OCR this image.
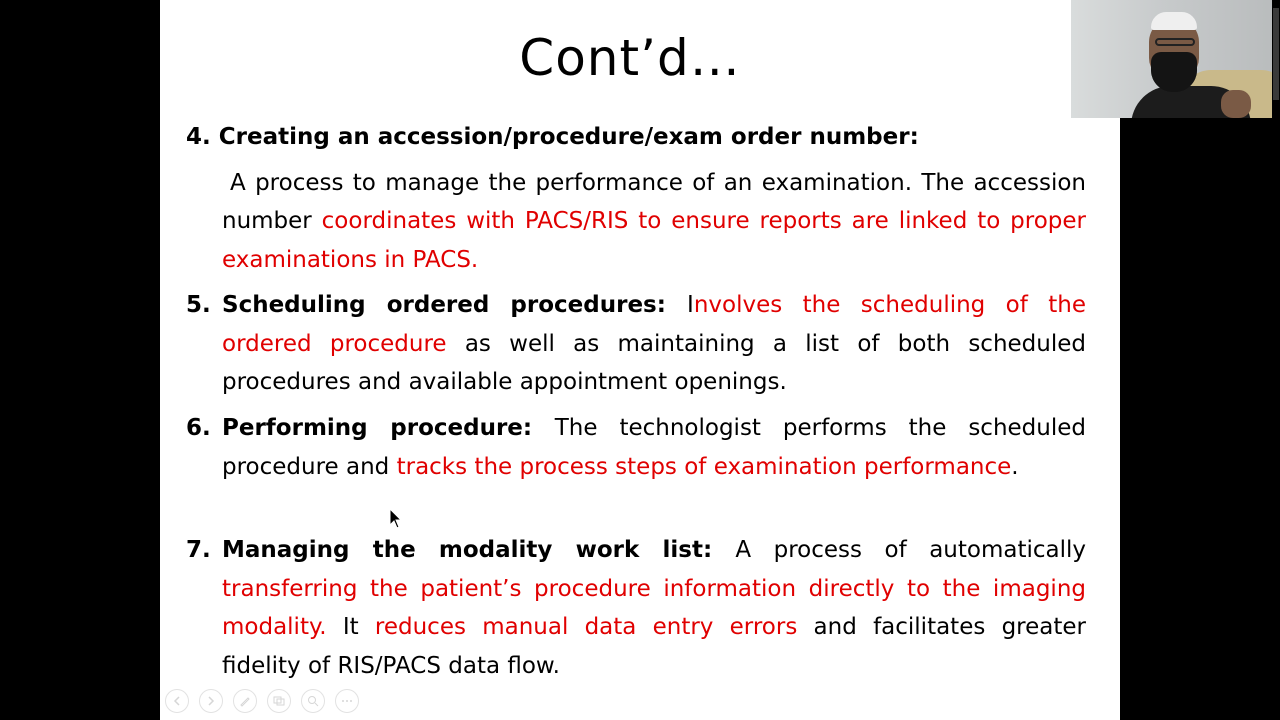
Cont’d…
4. Creating an accession/procedure/exam order number:
A process to manage the performance of an examination. The accession number coordinates with PACS/RIS to ensure reports are linked to proper examinations in PACS.
5. Scheduling ordered procedures: Involves the scheduling of the ordered procedure as well as maintaining a list of both scheduled procedures and available appointment openings.
6. Performing procedure: The technologist performs the scheduled procedure and tracks the process steps of examination performance.
7. Managing the modality work list: A process of automatically transferring the patient’s procedure information directly to the imaging modality. It reduces manual data entry errors and facilitates greater fidelity of RIS/PACS data flow.
